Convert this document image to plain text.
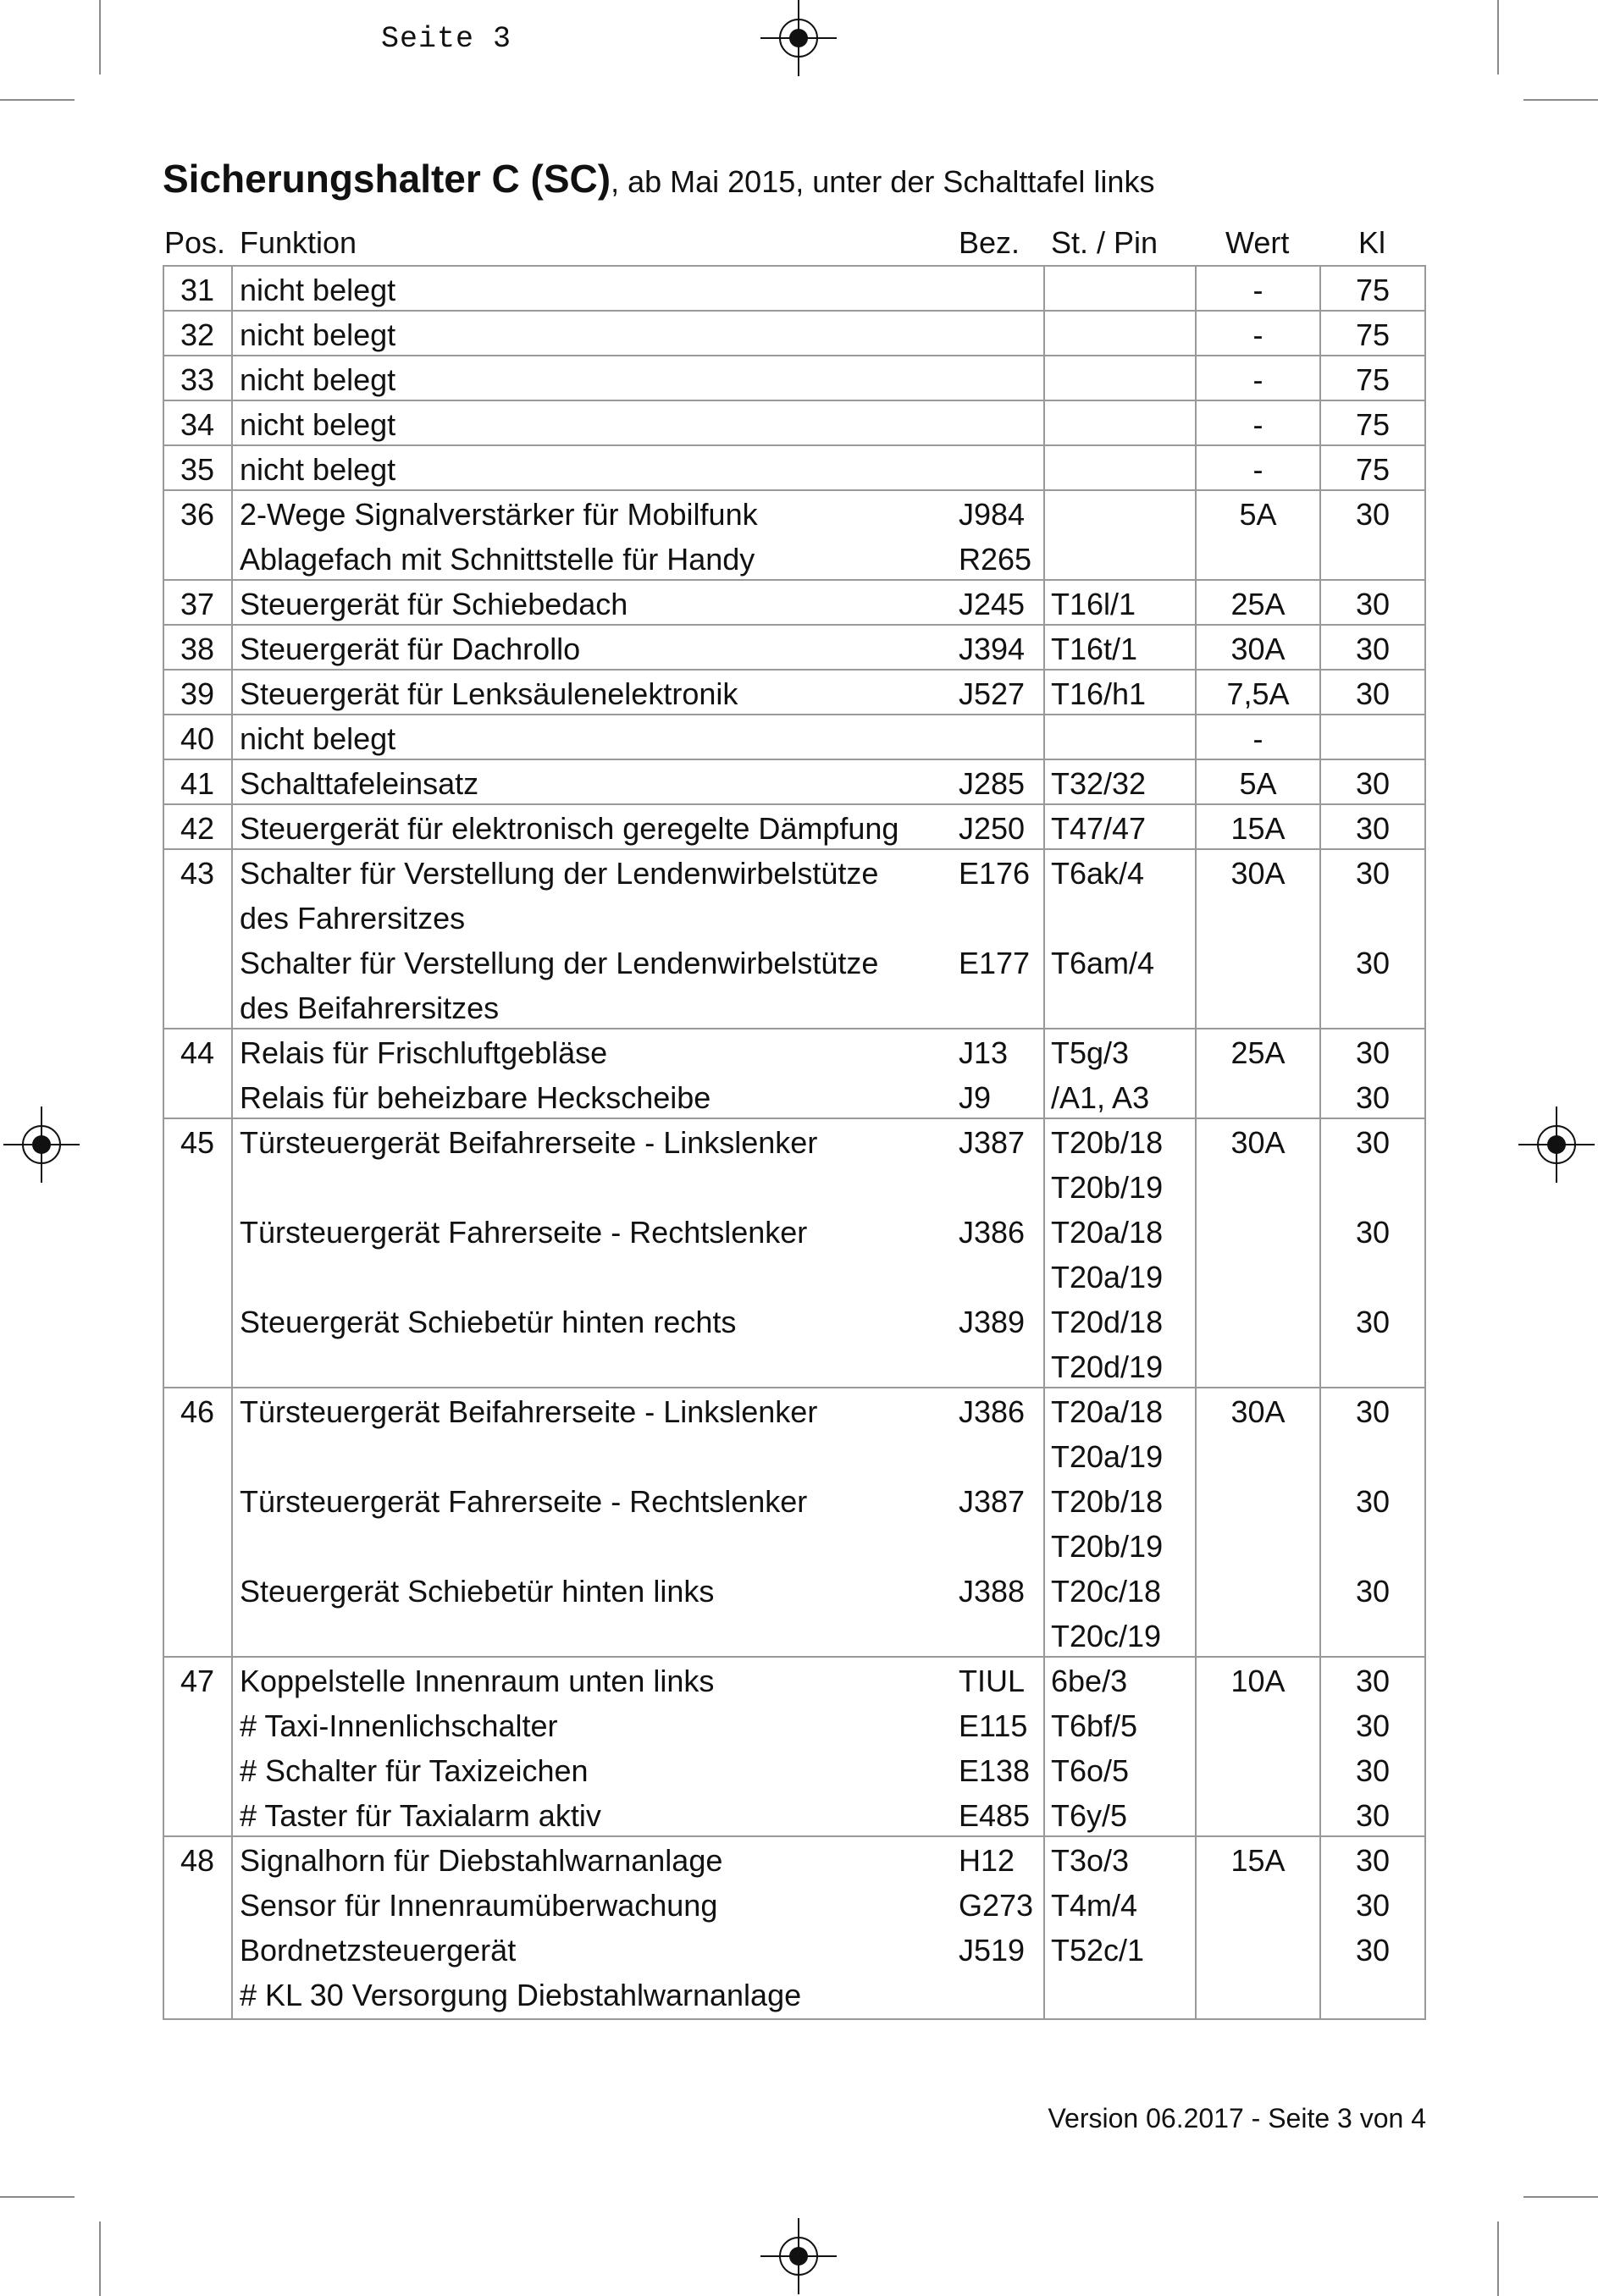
Seite 3
Sicherungshalter C (SC), ab Mai 2015, unter der Schalttafel links
Pos. Funktion	Bez. St. / Pin Wert Kl
31 nicht belegt	-	75
32 nicht belegt	-	75
33 nicht belegt	-	75
34 nicht belegt	-	75
35 nicht belegt	-	75
36 2-Wege Signalverstärker für Mobilfunk	J984	5A	30
Ablagefach mit Schnittstelle für Handy	R265
37 Steuergerät für Schiebedach	J245 T16l/1	25A	30
38 Steuergerät für Dachrollo	J394 T16t/1	30A	30
39 Steuergerät für Lenksäulenelektronik	J527 T16/h1	7,5A	30
40 nicht belegt	-
41 Schalttafeleinsatz	J285 T32/32	5A	30
42 Steuergerät für elektronisch geregelte Dämpfung J250 T47/47	15A	30
43 Schalter für Verstellung der Lendenwirbelstütze	E176 T6ak/4	30A	30
des Fahrersitzes
Schalter für Verstellung der Lendenwirbelstütze	E177 T6am/4	30
des Beifahrersitzes
44 Relais für Frischluftgebläse	J13 T5g/3	25A	30
Relais für beheizbare Heckscheibe	J9 /A1, A3	30
45 Türsteuergerät Beifahrerseite - Linkslenker	J387 T20b/18	30A	30
T20b/19
Türsteuergerät Fahrerseite - Rechtslenker	J386 T20a/18	30
T20a/19
Steuergerät Schiebetür hinten rechts	J389 T20d/18	30
T20d/19
46 Türsteuergerät Beifahrerseite - Linkslenker	J386 T20a/18	30A	30
T20a/19
Türsteuergerät Fahrerseite - Rechtslenker	J387 T20b/18	30
T20b/19
Steuergerät Schiebetür hinten links	J388 T20c/18	30
T20c/19
47 Koppelstelle Innenraum unten links	TIUL 6be/3	10A	30
# Taxi-Innenlichschalter	E115 T6bf/5	30
# Schalter für Taxizeichen	E138 T6o/5	30
# Taster für Taxialarm aktiv	E485 T6y/5	30
48 Signalhorn für Diebstahlwarnanlage	H12 T3o/3	15A	30
Sensor für Innenraumüberwachung	G273 T4m/4	30
Bordnetzsteuergerät	J519 T52c/1	30
# KL 30 Versorgung Diebstahlwarnanlage
Version 06.2017 - Seite 3 von 4
